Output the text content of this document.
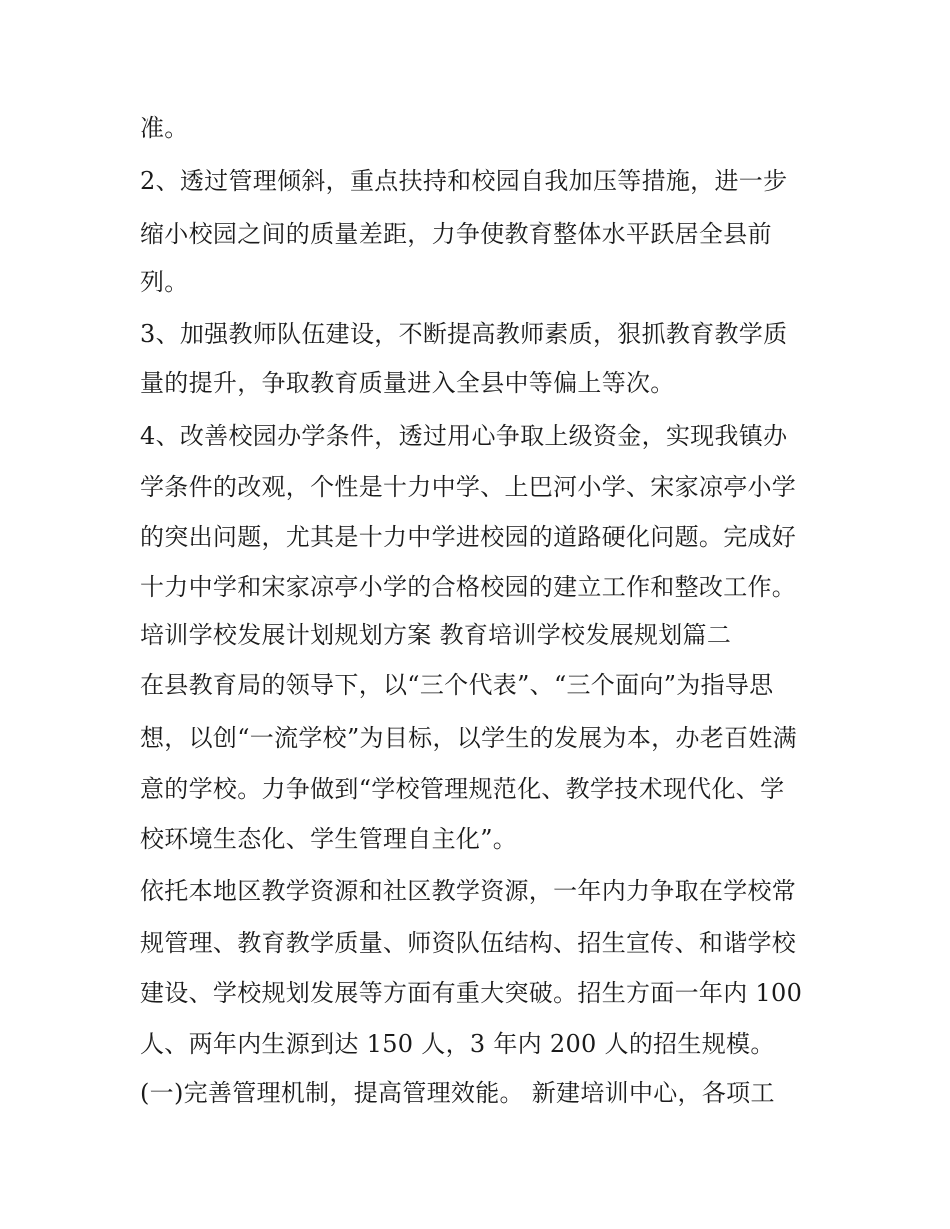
准。
2、透过管理倾斜，重点扶持和校园自我加压等措施，进一步
缩小校园之间的质量差距，力争使教育整体水平跃居全县前
列。
3、加强教师队伍建设，不断提高教师素质，狠抓教育教学质
量的提升，争取教育质量进入全县中等偏上等次。
4、改善校园办学条件，透过用心争取上级资金，实现我镇办
学条件的改观，个性是十力中学、上巴河小学、宋家凉亭小学
的突出问题，尤其是十力中学进校园的道路硬化问题。完成好
十力中学和宋家凉亭小学的合格校园的建立工作和整改工作。
培训学校发展计划规划方案 教育培训学校发展规划篇二
在县教育局的领导下，以“三个代表”、“三个面向”为指导思
想，以创“一流学校”为目标，以学生的发展为本，办老百姓满
意的学校。力争做到“学校管理规范化、教学技术现代化、学
校环境生态化、学生管理自主化”。
依托本地区教学资源和社区教学资源，一年内力争取在学校常
规管理、教育教学质量、师资队伍结构、招生宣传、和谐学校
建设、学校规划发展等方面有重大突破。招生方面一年内 100
人、两年内生源到达 150 人，3 年内 200 人的招生规模。
(一)完善管理机制，提高管理效能。 新建培训中心，各项工
